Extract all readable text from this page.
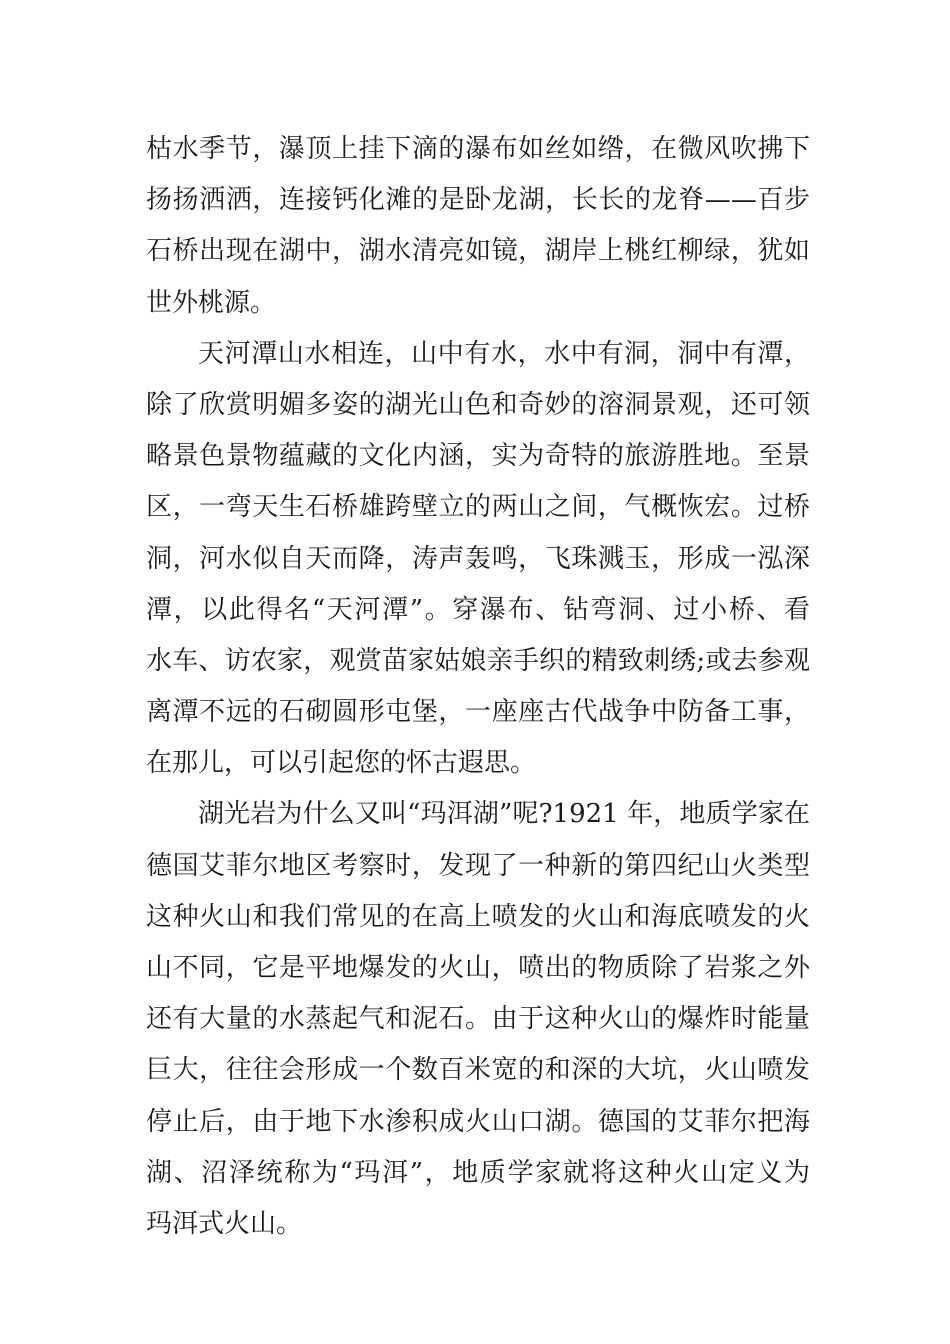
枯水季节，瀑顶上挂下滴的瀑布如丝如绺，在微风吹拂下
扬扬洒洒，连接钙化滩的是卧龙湖，长长的龙脊——百步
石桥出现在湖中，湖水清亮如镜，湖岸上桃红柳绿，犹如
世外桃源。
天河潭山水相连，山中有水，水中有洞，洞中有潭，
除了欣赏明媚多姿的湖光山色和奇妙的溶洞景观，还可领
略景色景物蕴藏的文化内涵，实为奇特的旅游胜地。至景
区，一弯天生石桥雄跨壁立的两山之间，气概恢宏。过桥
洞，河水似自天而降，涛声轰鸣，飞珠溅玉，形成一泓深
潭，以此得名“天河潭”。穿瀑布、钻弯洞、过小桥、看
水车、访农家，观赏苗家姑娘亲手织的精致刺绣;或去参观
离潭不远的石砌圆形屯堡，一座座古代战争中防备工事，
在那儿，可以引起您的怀古遐思。
湖光岩为什么又叫“玛洱湖”呢?1921 年，地质学家在
德国艾菲尔地区考察时，发现了一种新的第四纪山火类型
这种火山和我们常见的在高上喷发的火山和海底喷发的火
山不同，它是平地爆发的火山，喷出的物质除了岩浆之外
还有大量的水蒸起气和泥石。由于这种火山的爆炸时能量
巨大，往往会形成一个数百米宽的和深的大坑，火山喷发
停止后，由于地下水渗积成火山口湖。德国的艾菲尔把海
湖、沼泽统称为“玛洱”，地质学家就将这种火山定义为
玛洱式火山。
